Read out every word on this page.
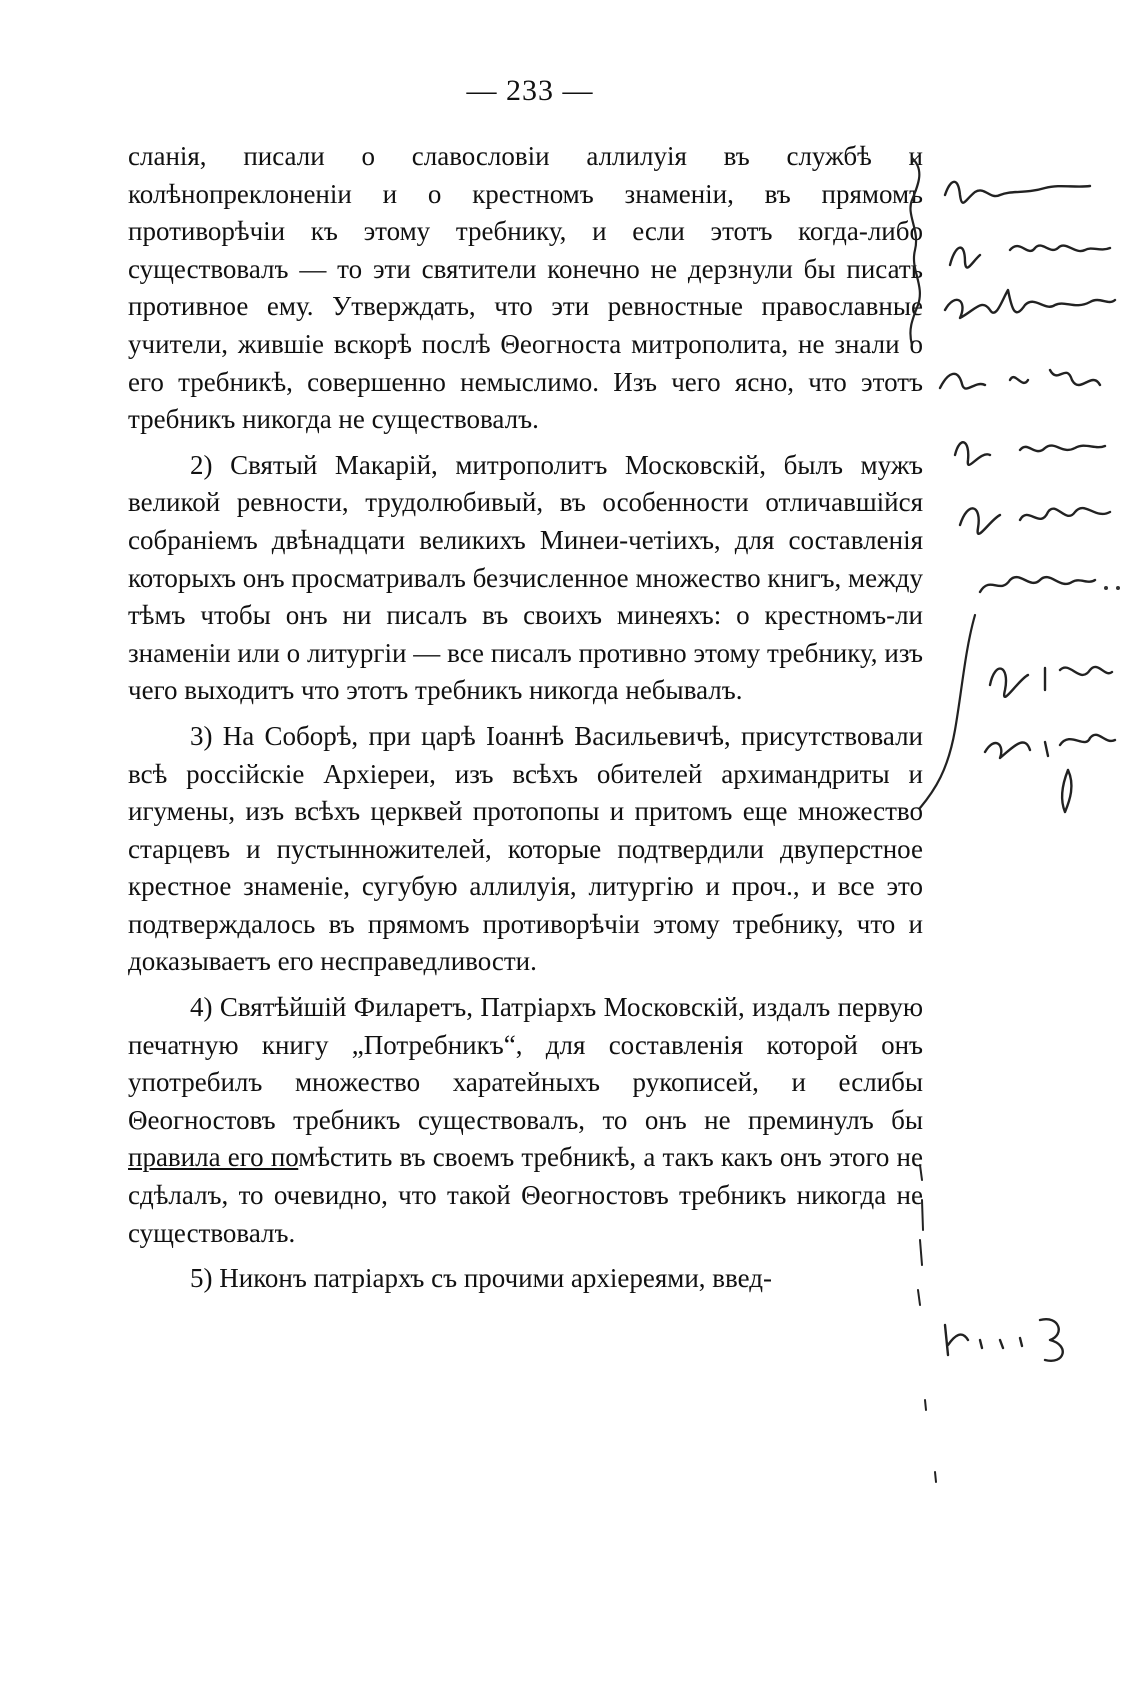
— 233 —

сланія, писали о славословіи аллилуія въ службѣ и колѣнопреклоненіи и о крестномъ знаменіи, въ прямомъ противорѣчіи къ этому требнику, и если этотъ когда-либо существовалъ — то эти святители конечно не дерзнули бы писать противное ему. Утверждать, что эти ревностные православные учители, жившіе вскорѣ послѣ Θеогноста митрополита, не знали о его требникѣ, совершенно немыслимо. Изъ чего ясно, что этотъ требникъ никогда не существовалъ.

2) Святый Макарій, митрополитъ Московскій, былъ мужъ великой ревности, трудолюбивый, въ особенности отличавшійся собраніемъ двѣнадцати великихъ Минеи-четіихъ, для составленія которыхъ онъ просматривалъ безчисленное множество книгъ, между тѣмъ чтобы онъ ни писалъ въ своихъ минеяхъ: о крестномъ-ли знаменіи или о литургіи — все писалъ противно этому требнику, изъ чего выходитъ что этотъ требникъ никогда небывалъ.

3) На Соборѣ, при царѣ Іоаннѣ Васильевичѣ, присутствовали всѣ россійскіе Архіереи, изъ всѣхъ обителей архимандриты и игумены, изъ всѣхъ церквей протопопы и притомъ еще множество старцевъ и пустынножителей, которые подтвердили двуперстное крестное знаменіе, сугубую аллилуія, литургію и проч., и все это подтверждалось въ прямомъ противорѣчіи этому требнику, что и доказываетъ его несправедливости.

4) Святѣйшій Филаретъ, Патріархъ Московскій, издалъ первую печатную книгу „Потребникъ“, для составленія которой онъ употребилъ множество харатейныхъ рукописей, и еслибы Θеогностовъ требникъ существовалъ, то онъ не преминулъ бы правила его помѣстить въ своемъ требникѣ, а такъ какъ онъ этого не сдѣлалъ, то очевидно, что такой Θеогностовъ требникъ никогда не существовалъ.

5) Никонъ патріархъ съ прочими архіереями, введ-
